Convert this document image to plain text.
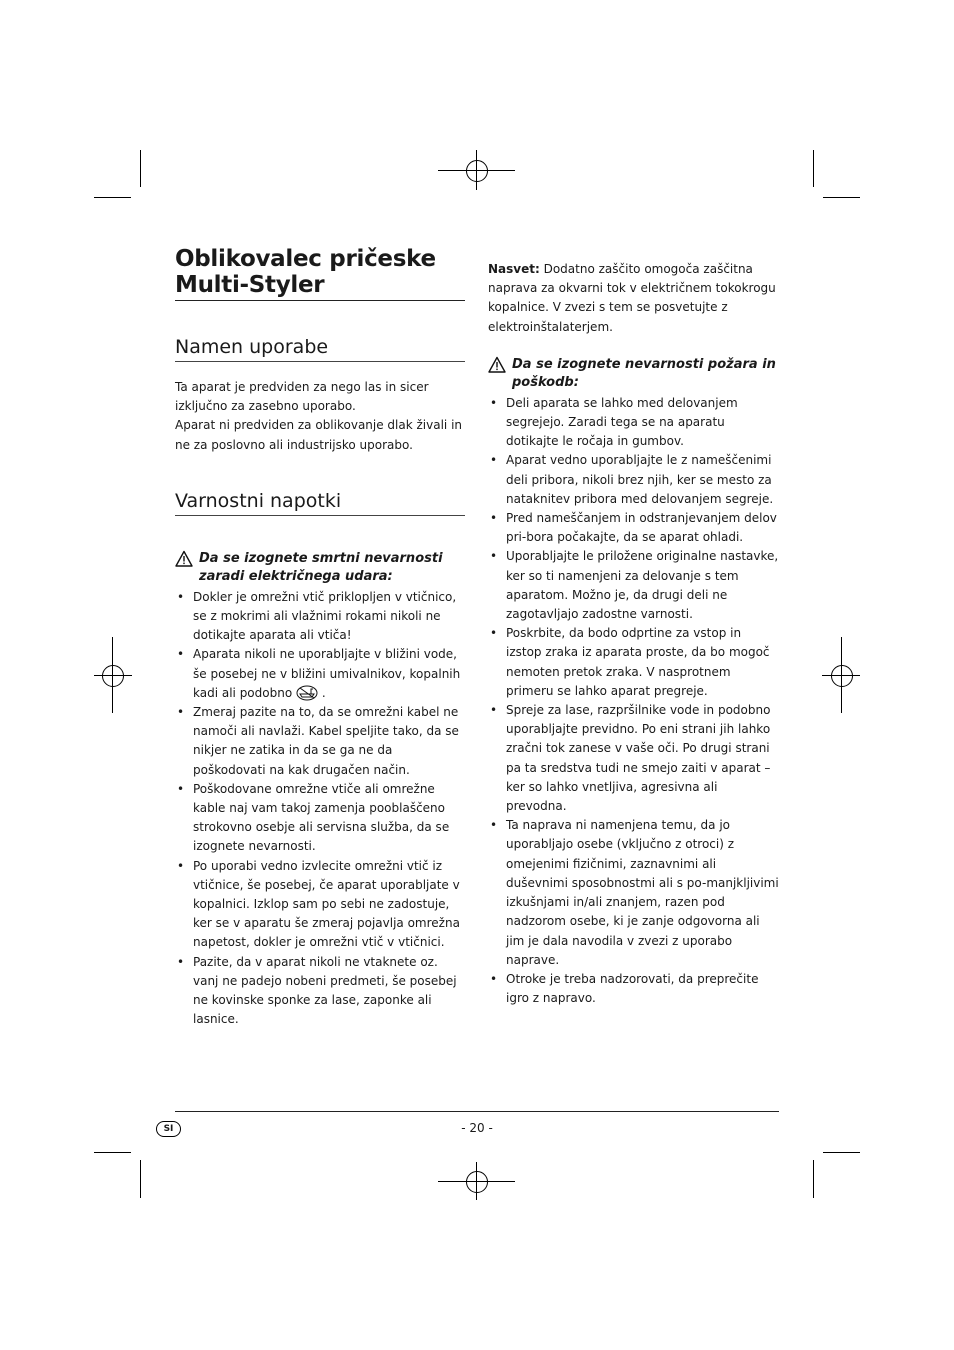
Oblikovalec pričeske
Multi-Styler
Namen uporabe

Ta aparat je predviden za nego las in sicer izključno za zasebno uporabo.

Aparat ni predviden za oblikovanje dlak živali in ne za poslovno ali industrijsko uporabo.

Varnostni napotki
Da se izognete smrtni nevarnosti zaradi električnega udara:
• Dokler je omrežni vtič priklopljen v vtičnico, se z mokrimi ali vlažnimi rokami nikoli ne dotikajte aparata ali vtiča!
• Aparata nikoli ne uporabljajte v bližini vode, še posebej ne v bližini umivalnikov, kopalnih kadi ali podobno  .
• Zmeraj pazite na to, da se omrežni kabel ne namoči ali navlaži. Kabel speljite tako, da se nikjer ne zatika in da se ga ne da poškodovati na kak drugačen način.
• Poškodovane omrežne vtiče ali omrežne kable naj vam takoj zamenja pooblaščeno strokovno osebje ali servisna služba, da se izognete nevarnosti.
• Po uporabi vedno izvlecite omrežni vtič iz vtičnice, še posebej, če aparat uporabljate v kopalnici. Izklop sam po sebi ne zadostuje, ker se v aparatu še zmeraj pojavlja omrežna napetost, dokler je omrežni vtič v vtičnici.
• Pazite, da v aparat nikoli ne vtaknete oz. vanj ne padejo nobeni predmeti, še posebej ne kovinske sponke za lase, zaponke ali lasnice.

Nasvet: Dodatno zaščito omogoča zaščitna naprava za okvarni tok v električnem tokokrogu kopalnice. V zvezi s tem se posvetujte z elektroinštalaterjem.

Da se izognete nevarnosti požara in poškodb:
• Deli aparata se lahko med delovanjem segrejejo. Zaradi tega se na aparatu dotikajte le ročaja in gumbov.
• Aparat vedno uporabljajte le z nameščenimi deli pribora, nikoli brez njih, ker se mesto za nataknitev pribora med delovanjem segreje.
• Pred nameščanjem in odstranjevanjem delov pri-bora počakajte, da se aparat ohladi.
• Uporabljajte le priložene originalne nastavke, ker so ti namenjeni za delovanje s tem aparatom. Možno je, da drugi deli ne zagotavljajo zadostne varnosti.
• Poskrbite, da bodo odprtine za vstop in izstop zraka iz aparata proste, da bo mogoč nemoten pretok zraka. V nasprotnem primeru se lahko aparat pregreje.
• Spreje za lase, razpršilnike vode in podobno uporabljajte previdno. Po eni strani jih lahko zračni tok zanese v vaše oči. Po drugi strani pa ta sredstva tudi ne smejo zaiti v aparat – ker so lahko vnetljiva, agresivna ali prevodna.
• Ta naprava ni namenjena temu, da jo uporabljajo osebe (vključno z otroci) z omejenimi fizičnimi, zaznavnimi ali duševnimi sposobnostmi ali s po-manjkljivimi izkušnjami in/ali znanjem, razen pod nadzorom osebe, ki je zanje odgovorna ali jim je dala navodila v zvezi z uporabo naprave.
• Otroke je treba nadzorovati, da preprečite igro z napravo.
SI	- 20 -
